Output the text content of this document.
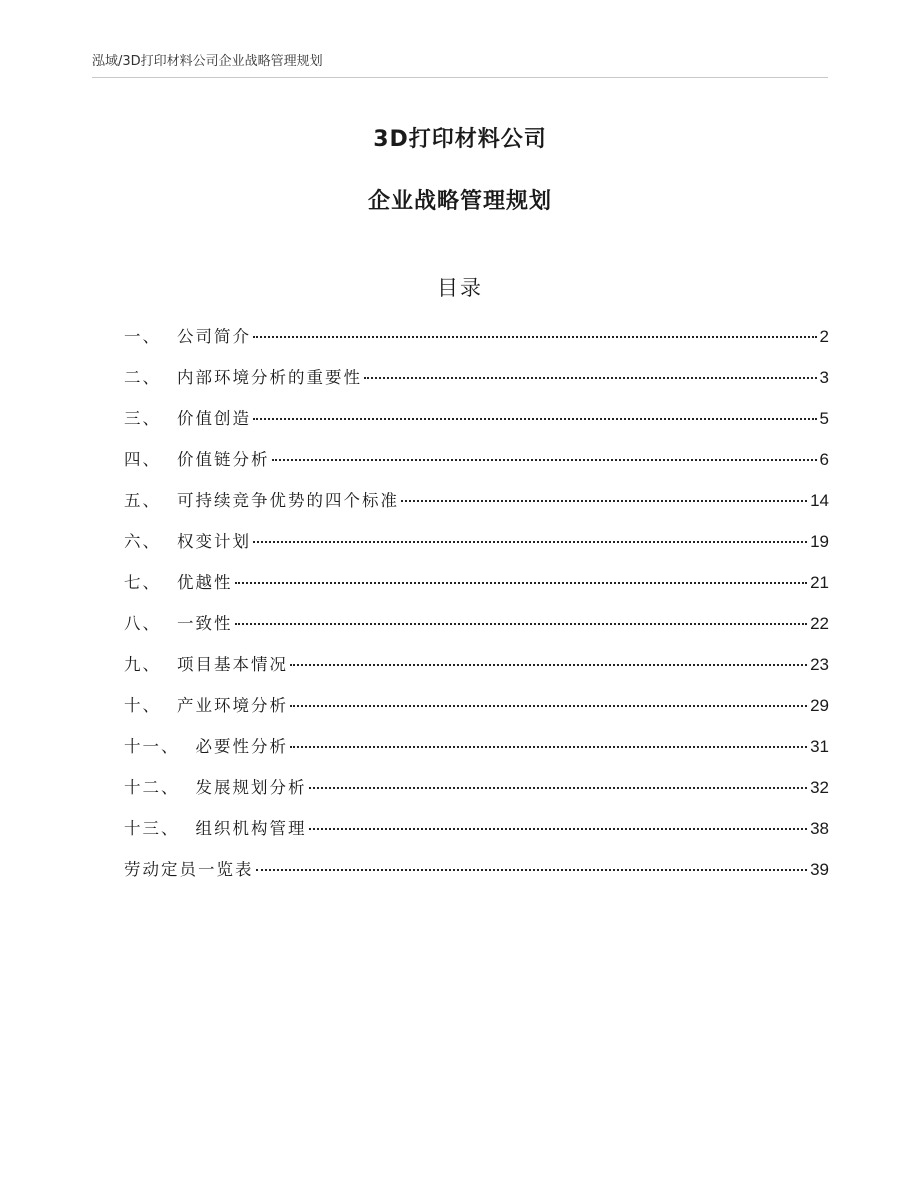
泓域/3D打印材料公司企业战略管理规划
3D打印材料公司
企业战略管理规划
目录
一、 公司简介	2
二、 内部环境分析的重要性	3
三、 价值创造	5
四、 价值链分析	6
五、 可持续竞争优势的四个标准	14
六、 权变计划	19
七、 优越性	21
八、 一致性	22
九、 项目基本情况	23
十、 产业环境分析	29
十一、 必要性分析	31
十二、 发展规划分析	32
十三、 组织机构管理	38
劳动定员一览表	39
